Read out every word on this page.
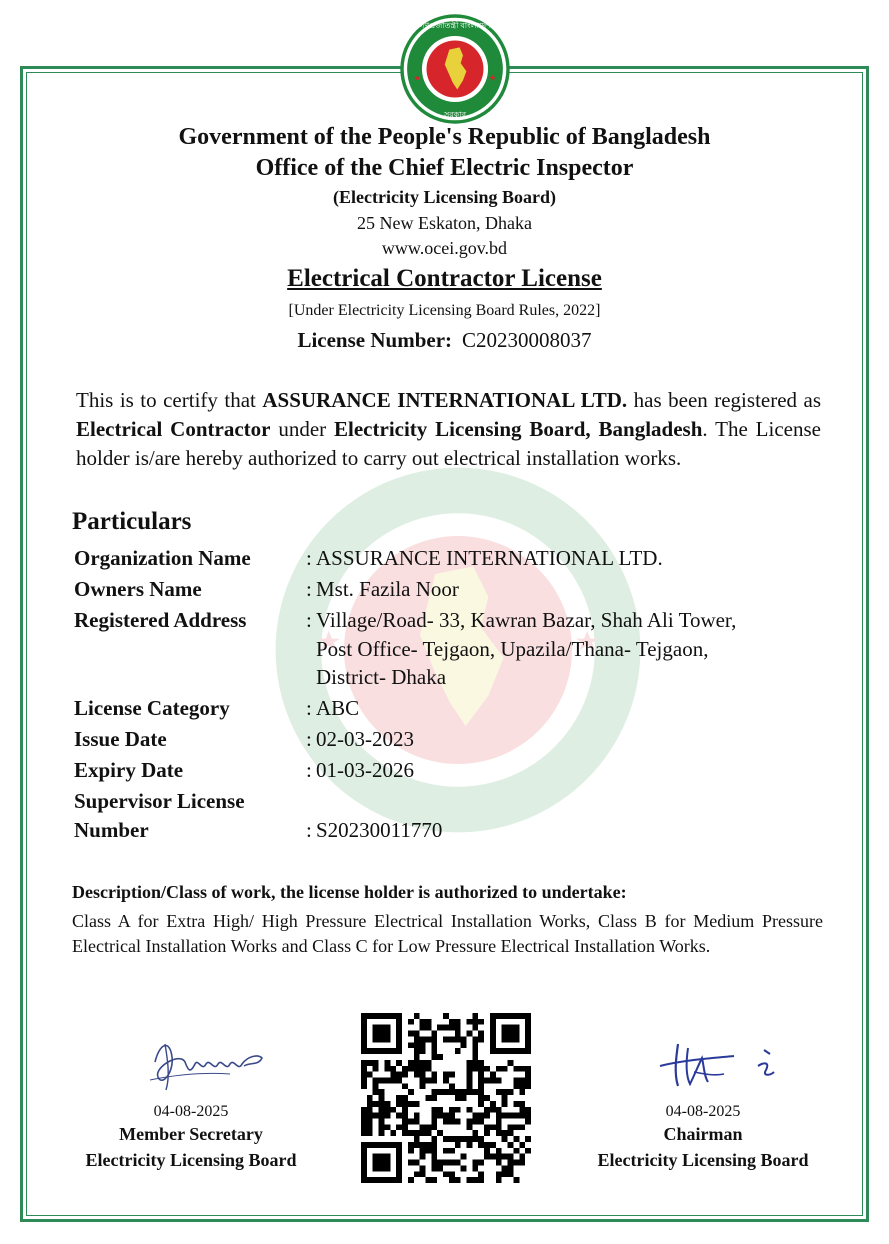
গণপ্রজাতন্ত্রী বাংলাদেশ
সরকার
Government of the People's Republic of Bangladesh
Office of the Chief Electric Inspector
(Electricity Licensing Board)
25 New Eskaton, Dhaka
www.ocei.gov.bd
Electrical Contractor License
[Under Electricity Licensing Board Rules, 2022]
License Number: C20230008037
This is to certify that ASSURANCE INTERNATIONAL LTD. has been registered as Electrical Contractor under Electricity Licensing Board, Bangladesh. The License holder is/are hereby authorized to carry out electrical installation works.
Particulars
Organization Name	: ASSURANCE INTERNATIONAL LTD.
Owners Name	: Mst. Fazila Noor
Registered Address	: Village/Road- 33, Kawran Bazar, Shah Ali Tower,
Post Office- Tejgaon, Upazila/Thana- Tejgaon,
District- Dhaka
License Category	: ABC
Issue Date	: 02-03-2023
Expiry Date	: 01-03-2026
Supervisor License
Number	: S20230011770
Description/Class of work, the license holder is authorized to undertake:
Class A for Extra High/ High Pressure Electrical Installation Works, Class B for Medium Pressure Electrical Installation Works and Class C for Low Pressure Electrical Installation Works.
04-08-2025
Member Secretary
Electricity Licensing Board
04-08-2025
Chairman
Electricity Licensing Board
